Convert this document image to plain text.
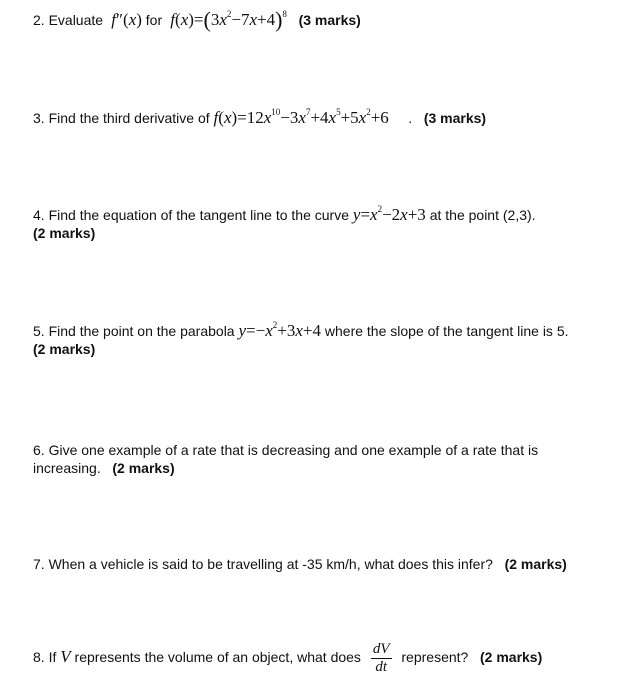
2. Evaluate f″(x) for $f(x)=(3x^2-7x+4)^8$ (3 marks)
3. Find the third derivative of $f(x)=12x^{10}-3x^7+4x^5+5x^2+6$ . (3 marks)
4. Find the equation of the tangent line to the curve $y=x^2-2x+3$ at the point (2,3).
(2 marks)
5. Find the point on the parabola $y=-x^2+3x+4$ where the slope of the tangent line is 5.
(2 marks)
6. Give one example of a rate that is decreasing and one example of a rate that is
increasing. (2 marks)
7. When a vehicle is said to be travelling at -35 km/h, what does this infer? (2 marks)
8. If V represents the volume of an object, what does $\frac{dV}{dt}$ represent? (2 marks)
